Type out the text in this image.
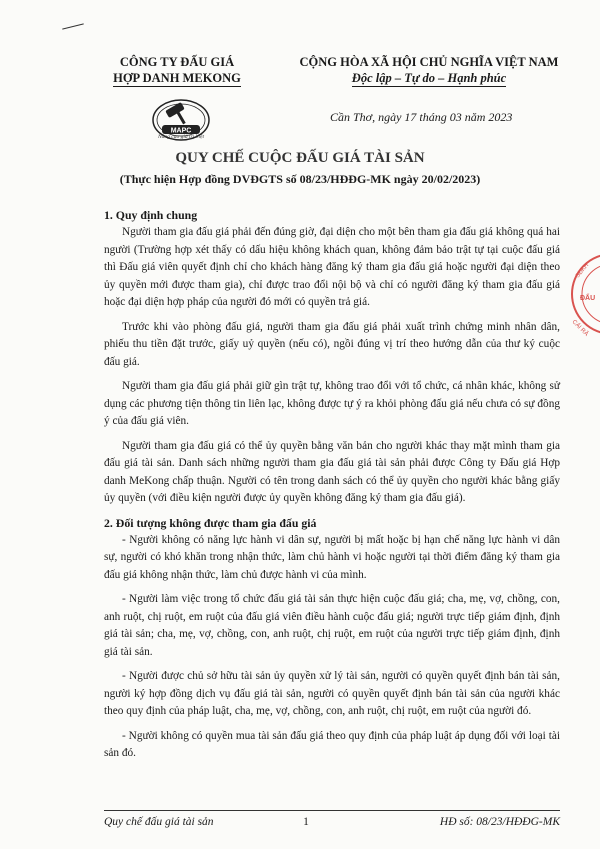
CÔNG TY ĐẤU GIÁ
HỢP DANH MEKONG
MAPC
Nâng cao giá trị Việt
CỘNG HÒA XÃ HỘI CHỦ NGHĨA VIỆT NAM
Độc lập – Tự do – Hạnh phúc
Cần Thơ, ngày 17 tháng 03 năm 2023
QUY CHẾ CUỘC ĐẤU GIÁ TÀI SẢN
(Thực hiện Hợp đồng DVĐGTS số 08/23/HĐĐG-MK ngày 20/02/2023)
1. Quy định chung

Người tham gia đấu giá phải đến đúng giờ, đại diện cho một bên tham gia đấu giá không quá hai người (Trường hợp xét thấy có dấu hiệu không khách quan, không đảm bảo trật tự tại cuộc đấu giá thì Đấu giá viên quyết định chỉ cho khách hàng đăng ký tham gia đấu giá hoặc người đại diện theo ủy quyền mới được tham gia), chỉ được trao đổi nội bộ và chỉ có người đăng ký tham gia đấu giá hoặc đại diện hợp pháp của người đó mới có quyền trả giá.

Trước khi vào phòng đấu giá, người tham gia đấu giá phải xuất trình chứng minh nhân dân, phiếu thu tiền đặt trước, giấy uỷ quyền (nếu có), ngồi đúng vị trí theo hướng dẫn của thư ký cuộc đấu giá.

Người tham gia đấu giá phải giữ gìn trật tự, không trao đổi với tổ chức, cá nhân khác, không sử dụng các phương tiện thông tin liên lạc, không được tự ý ra khỏi phòng đấu giá nếu chưa có sự đồng ý của đấu giá viên.

Người tham gia đấu giá có thể ủy quyền bằng văn bản cho người khác thay mặt mình tham gia đấu giá tài sản. Danh sách những người tham gia đấu giá tài sản phải được Công ty Đấu giá Hợp danh MeKong chấp thuận. Người có tên trong danh sách có thể ủy quyền cho người khác bằng giấy ủy quyền (với điều kiện người được ủy quyền không đăng ký tham gia đấu giá).

2. Đối tượng không được tham gia đấu giá

- Người không có năng lực hành vi dân sự, người bị mất hoặc bị hạn chế năng lực hành vi dân sự, người có khó khăn trong nhận thức, làm chủ hành vi hoặc người tại thời điểm đăng ký tham gia đấu giá không nhận thức, làm chủ được hành vi của mình.

- Người làm việc trong tổ chức đấu giá tài sản thực hiện cuộc đấu giá; cha, mẹ, vợ, chồng, con, anh ruột, chị ruột, em ruột của đấu giá viên điều hành cuộc đấu giá; người trực tiếp giám định, định giá tài sản; cha, mẹ, vợ, chồng, con, anh ruột, chị ruột, em ruột của người trực tiếp giám định, định giá tài sản.

- Người được chủ sở hữu tài sản ủy quyền xử lý tài sản, người có quyền quyết định bán tài sản, người ký hợp đồng dịch vụ đấu giá tài sản, người có quyền quyết định bán tài sản của người khác theo quy định của pháp luật, cha, mẹ, vợ, chồng, con, anh ruột, chị ruột, em ruột của người đó.

- Người không có quyền mua tài sản đấu giá theo quy định của pháp luật áp dụng đối với loại tài sản đó.

SĐKH
ĐẤU
CÁI RĂ
Quy chế đấu giá tài sản	1	HĐ số: 08/23/HĐĐG-MK
